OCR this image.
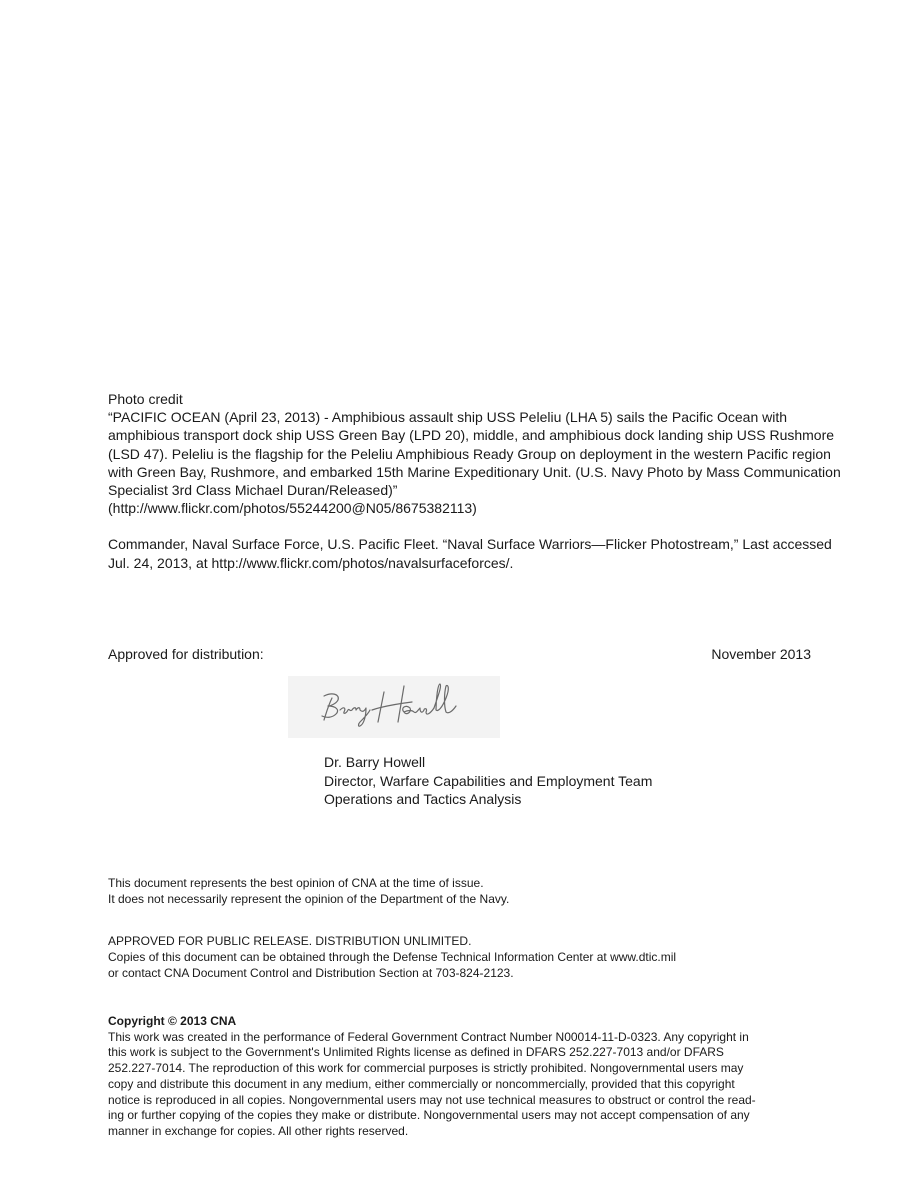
Photo credit

“PACIFIC OCEAN (April 23, 2013) - Amphibious assault ship USS Peleliu (LHA 5) sails the Pacific Ocean with amphibious transport dock ship USS Green Bay (LPD 20), middle, and amphibious dock landing ship USS Rushmore (LSD 47). Peleliu is the flagship for the Peleliu Amphibious Ready Group on deployment in the western Pacific region with Green Bay, Rushmore, and embarked 15th Marine Expeditionary Unit. (U.S. Navy Photo by Mass Communication Specialist 3rd Class Michael Duran/Released)”

(http://www.flickr.com/photos/55244200@N05/8675382113)

Commander, Naval Surface Force, U.S. Pacific Fleet. “Naval Surface Warriors—Flicker Photostream,” Last accessed Jul. 24, 2013, at http://www.flickr.com/photos/navalsurfaceforces/.

Approved for distribution:	November 2013
Dr. Barry Howell
Director, Warfare Capabilities and Employment Team
Operations and Tactics Analysis
This document represents the best opinion of CNA at the time of issue.
It does not necessarily represent the opinion of the Department of the Navy.
APPROVED FOR PUBLIC RELEASE. DISTRIBUTION UNLIMITED.
Copies of this document can be obtained through the Defense Technical Information Center at www.dtic.mil
or contact CNA Document Control and Distribution Section at 703-824-2123.
Copyright © 2013 CNA
This work was created in the performance of Federal Government Contract Number N00014-11-D-0323. Any copyright in
this work is subject to the Government's Unlimited Rights license as defined in DFARS 252.227-7013 and/or DFARS
252.227-7014. The reproduction of this work for commercial purposes is strictly prohibited. Nongovernmental users may
copy and distribute this document in any medium, either commercially or noncommercially, provided that this copyright
notice is reproduced in all copies. Nongovernmental users may not use technical measures to obstruct or control the read-
ing or further copying of the copies they make or distribute. Nongovernmental users may not accept compensation of any
manner in exchange for copies. All other rights reserved.
